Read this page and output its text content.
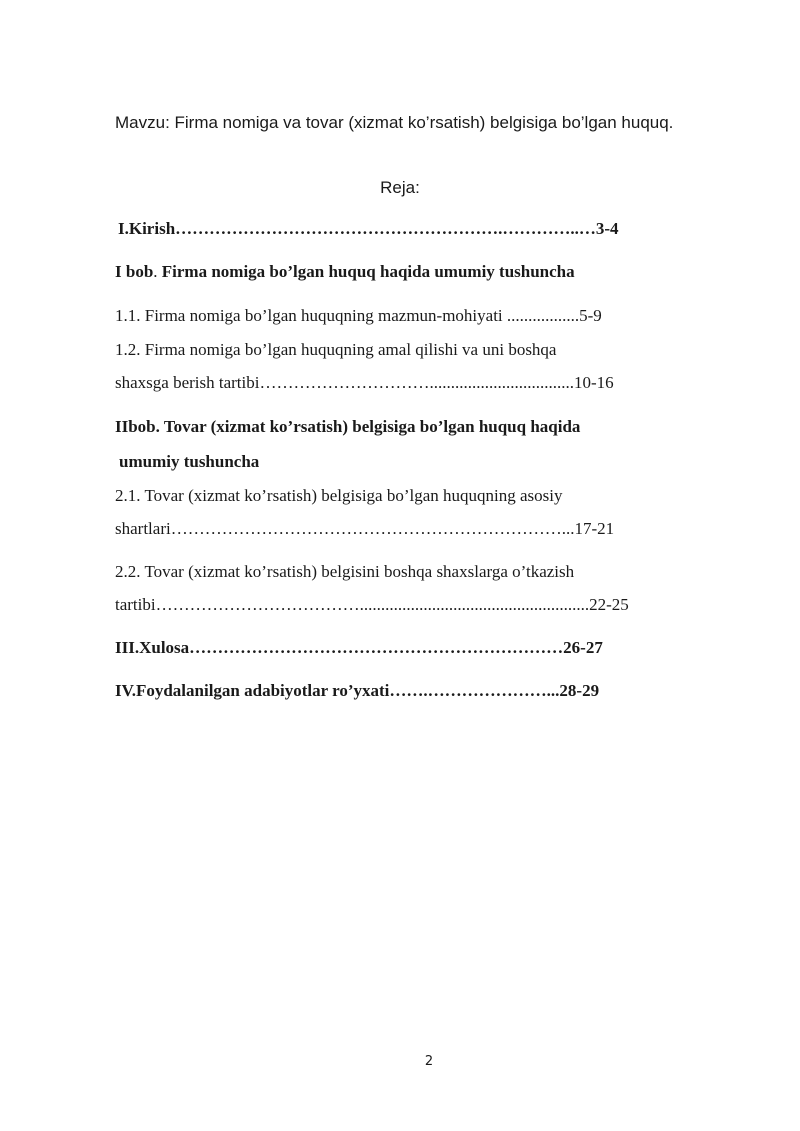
Mavzu: Firma nomiga va tovar (xizmat ko’rsatish) belgisiga bo’lgan huquq.
Reja:
I.Kirish………………………………………………….…………..…3-4
I bob. Firma nomiga bo’lgan huquq haqida umumiy tushuncha
1.1. Firma nomiga bo’lgan huquqning mazmun-mohiyati .................5-9
1.2. Firma nomiga bo’lgan huquqning amal qilishi va uni boshqa
shaxsga berish tartibi…………………………..................................10-16
IIbob. Tovar (xizmat ko’rsatish) belgisiga bo’lgan huquq haqida
umumiy tushuncha
2.1. Tovar (xizmat ko’rsatish) belgisiga bo’lgan huquqning asosiy
shartlari……………………………………………………………...17-21
2.2. Tovar (xizmat ko’rsatish) belgisini boshqa shaxslarga o’tkazish
tartibi………………………………......................................................22-25
III.Xulosa…………………………………………………………26-27
IV.Foydalanilgan adabiyotlar ro’yxati…….…………………...28-29
2
